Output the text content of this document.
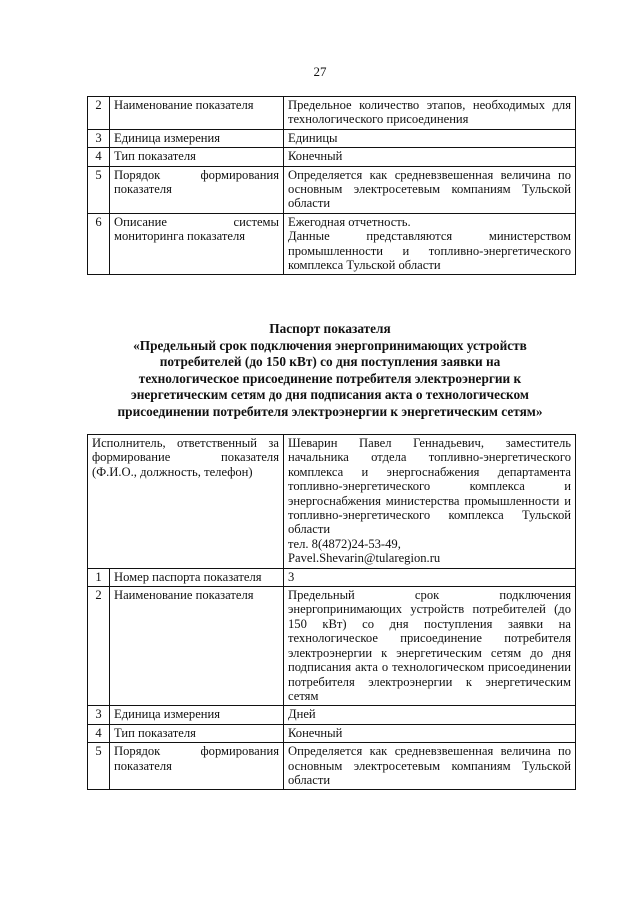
27
2	Наименование показателя	Предельное количество этапов, необходимых для технологического присоединения
3	Единица измерения	Единицы
4	Тип показателя	Конечный
5	Порядок формирования показателя	Определяется как средневзвешенная величина по основным электросетевым компаниям Тульской области
6	Описание системы мониторинга показателя	Ежегодная отчетность.
Данные представляются министерством промышленности и топливно-энергетического комплекса Тульской области
Паспорт показателя
«Предельный срок подключения энергопринимающих устройств
потребителей (до 150 кВт) со дня поступления заявки на
технологическое присоединение потребителя электроэнергии к
энергетическим сетям до дня подписания акта о технологическом
присоединении потребителя электроэнергии к энергетическим сетям»
Исполнитель, ответственный за формирование показателя (Ф.И.О., должность, телефон)		Шеварин Павел Геннадьевич, заместитель начальника отдела топливно-энергетического комплекса и энергоснабжения департамента топливно-энергетического комплекса и энергоснабжения министерства промышленности и топливно-энергетического комплекса Тульской области
тел. 8(4872)24-53-49,
Pavel.Shevarin@tularegion.ru

1	Номер паспорта показателя	3
2	Наименование показателя	Предельный срок подключения энергопринимающих устройств потребителей (до 150 кВт) со дня поступления заявки на технологическое присоединение потребителя электроэнергии к энергетическим сетям до дня подписания акта о технологическом присоединении потребителя электроэнергии к энергетическим сетям
3	Единица измерения	Дней
4	Тип показателя	Конечный
5	Порядок формирования показателя	Определяется как средневзвешенная величина по основным электросетевым компаниям Тульской области
